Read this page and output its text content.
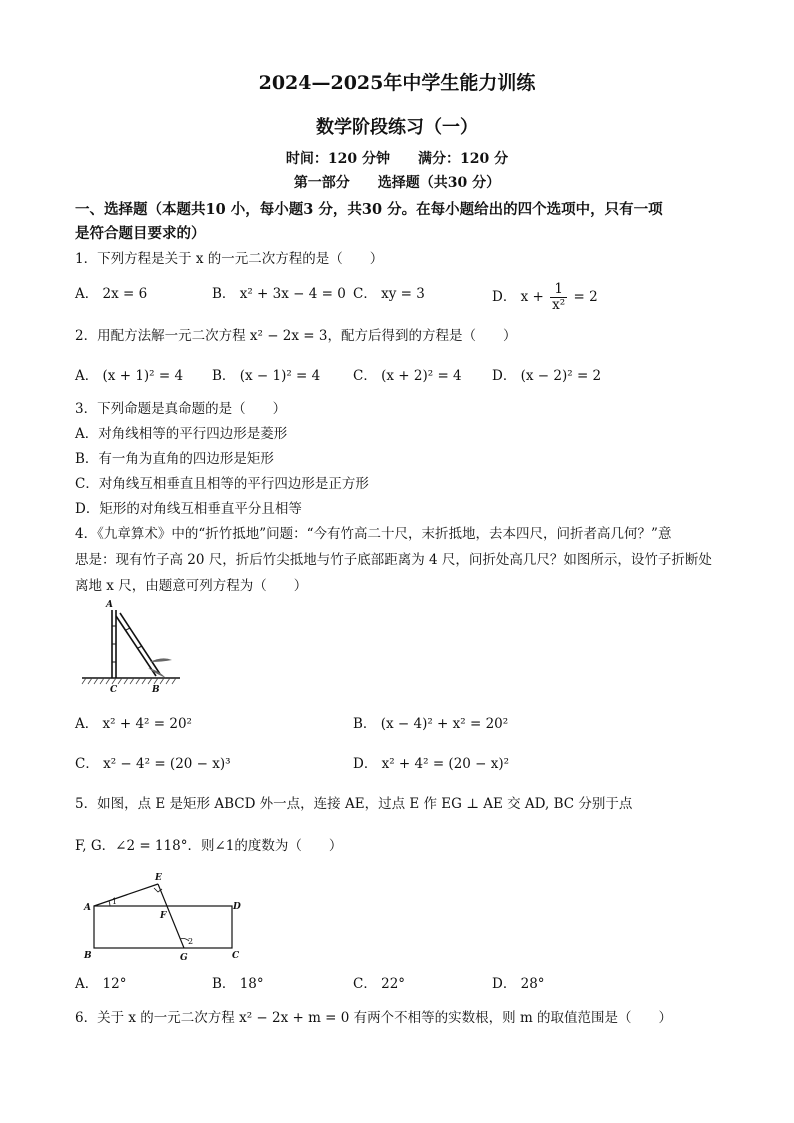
2024—2025年中学生能力训练
数学阶段练习（一）
时间：120 分钟　　满分：120 分
第一部分　　选择题（共30 分）
一、选择题（本题共10 小，每小题3 分，共30 分。在每小题给出的四个选项中，只有一项
是符合题目要求的）
1．下列方程是关于 x 的一元二次方程的是（　　）
A． 2x = 6	B． x² + 3x − 4 = 0 C． xy = 3	D． $x + \frac{1}{\text{x²}} = 2$
2．用配方法解一元二次方程 x² − 2x = 3，配方后得到的方程是（　　）
A． (x + 1)² = 4 B． (x − 1)² = 4 C． (x + 2)² = 4 D． (x − 2)² = 2
3．下列命题是真命题的是（　　）
A．对角线相等的平行四边形是菱形
B．有一角为直角的四边形是矩形
C．对角线互相垂直且相等的平行四边形是正方形
D．矩形的对角线互相垂直平分且相等
4．《九章算术》中的“折竹抵地”问题：“今有竹高二十尺，末折抵地，去本四尺，问折者高几何？”意
思是：现有竹子高 20 尺，折后竹尖抵地与竹子底部距离为 4 尺，问折处高几尺？如图所示，设竹子折断处
离地 x 尺，由题意可列方程为（　　）
A
C	B
A． x² + 4² = 20²	B． (x − 4)² + x² = 20²
C． x² − 4² = (20 − x)³	D． x² + 4² = (20 − x)²
5．如图，点 E 是矩形 ABCD 外一点，连接 AE，过点 E 作 EG ⊥ AE 交 AD, BC 分别于点
F, G．∠2 = 118°．则∠1的度数为（　　）
A
B	C
D
E
F
G
1
2
A． 12°	B． 18°	C． 22°	D． 28°
6．关于 x 的一元二次方程 x² − 2x + m = 0 有两个不相等的实数根，则 m 的取值范围是（　　）
